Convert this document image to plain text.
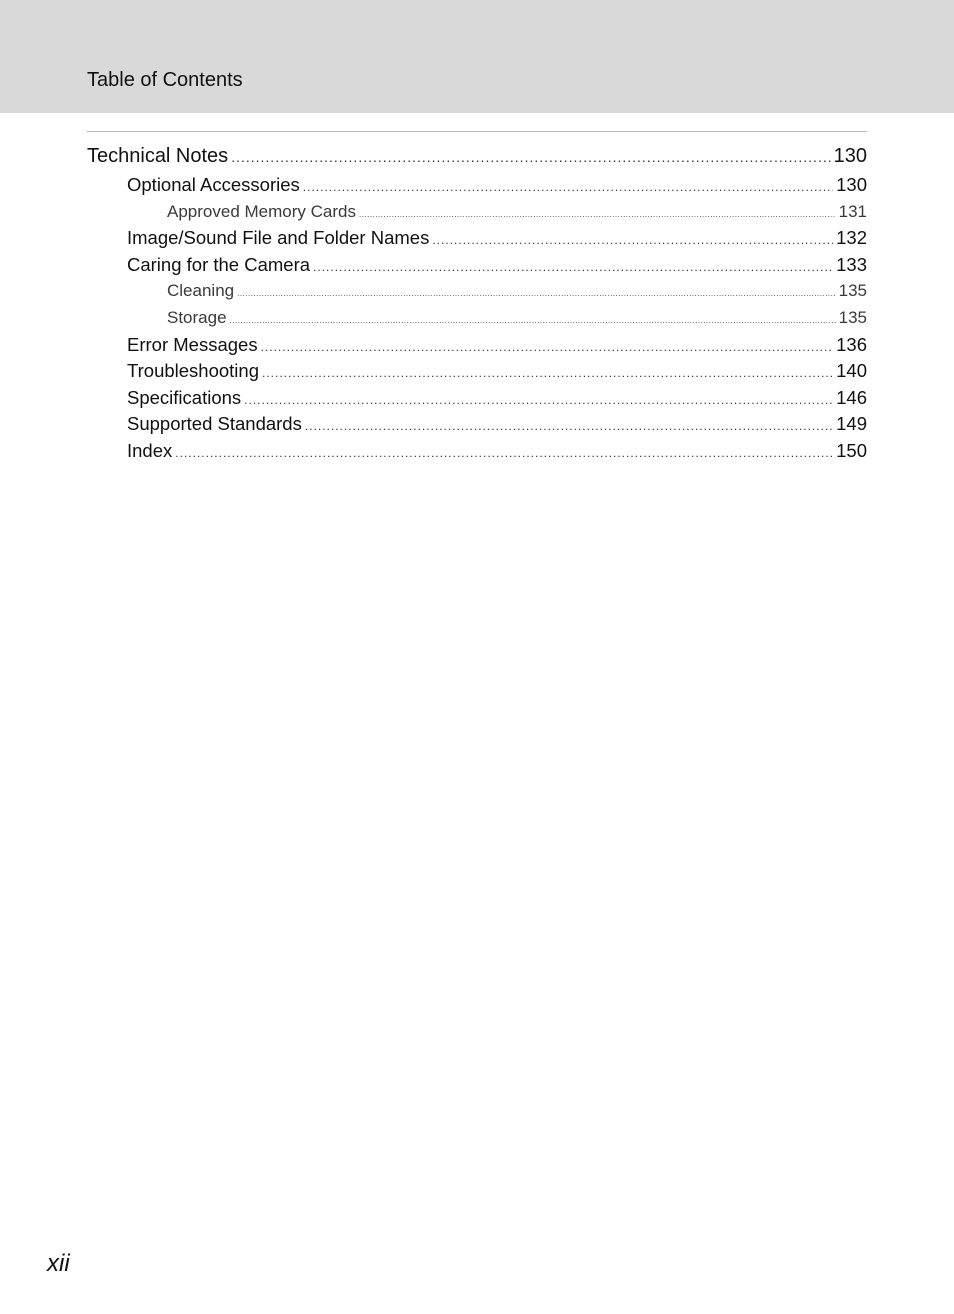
Table of Contents
Technical Notes .....	130
Optional Accessories .....	130
Approved Memory Cards .....	131
Image/Sound File and Folder Names .....	132
Caring for the Camera .....	133
Cleaning .....	135
Storage .....	135
Error Messages .....	136
Troubleshooting .....	140
Specifications .....	146
Supported Standards .....	149
Index .....	150
xii
